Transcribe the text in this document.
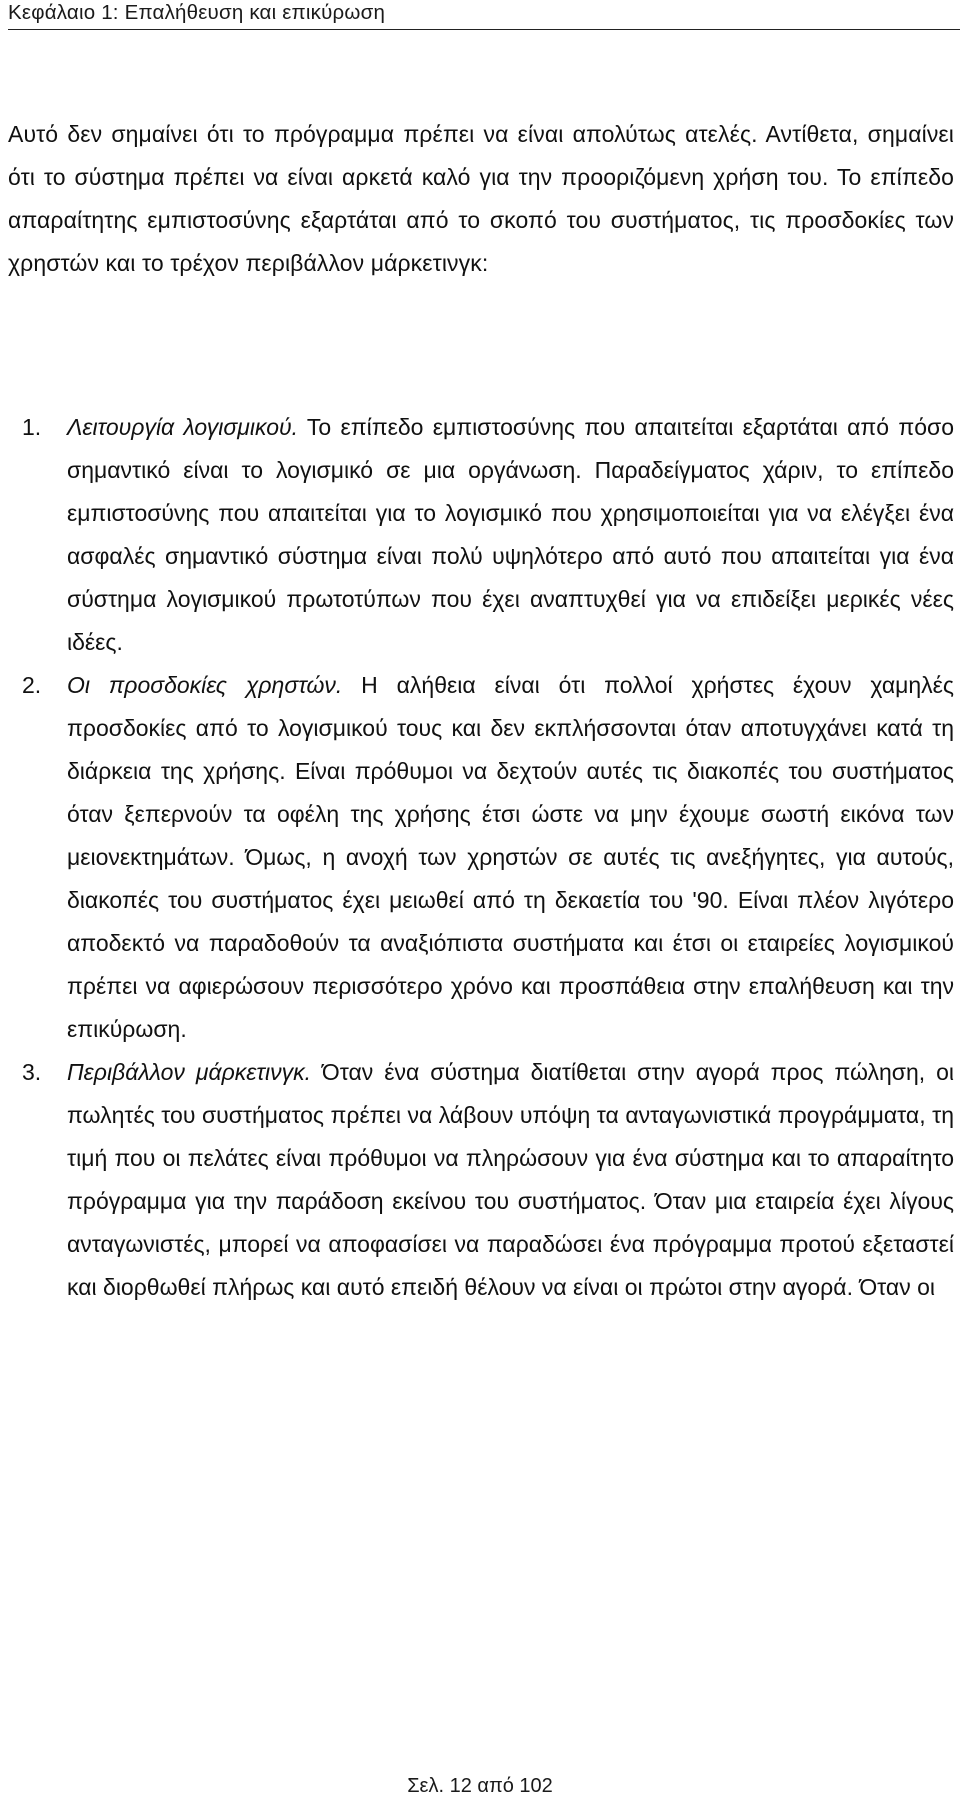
Κεφάλαιο 1: Επαλήθευση και επικύρωση

Αυτό δεν σημαίνει ότι το πρόγραμμα πρέπει να είναι απολύτως ατελές. Αντίθετα, σημαίνει ότι το σύστημα πρέπει να είναι αρκετά καλό για την προοριζόμενη χρήση του. Το επίπεδο απαραίτητης εμπιστοσύνης εξαρτάται από το σκοπό του συστήματος, τις προσδοκίες των χρηστών και το τρέχον περιβάλλον μάρκετινγκ:

1.	Λειτουργία λογισμικού. Το επίπεδο εμπιστοσύνης που απαιτείται εξαρτάται από πόσο σημαντικό είναι το λογισμικό σε μια οργάνωση. Παραδείγματος χάριν, το επίπεδο εμπιστοσύνης που απαιτείται για το λογισμικό που χρησιμοποιείται για να ελέγξει ένα ασφαλές σημαντικό σύστημα είναι πολύ υψηλότερο από αυτό που απαιτείται για ένα σύστημα λογισμικού πρωτοτύπων που έχει αναπτυχθεί για να επιδείξει μερικές νέες ιδέες.
2.	Οι προσδοκίες χρηστών. Η αλήθεια είναι ότι πολλοί χρήστες έχουν χαμηλές προσδοκίες από το λογισμικού τους και δεν εκπλήσσονται όταν αποτυγχάνει κατά τη διάρκεια της χρήσης. Είναι πρόθυμοι να δεχτούν αυτές τις διακοπές του συστήματος όταν ξεπερνούν τα οφέλη της χρήσης έτσι ώστε να μην έχουμε σωστή εικόνα των μειονεκτημάτων. Όμως, η ανοχή των χρηστών σε αυτές τις ανεξήγητες, για αυτούς, διακοπές του συστήματος έχει μειωθεί από τη δεκαετία του '90. Είναι πλέον λιγότερο αποδεκτό να παραδοθούν τα αναξιόπιστα συστήματα και έτσι οι εταιρείες λογισμικού πρέπει να αφιερώσουν περισσότερο χρόνο και προσπάθεια στην επαλήθευση και την επικύρωση.
3.	Περιβάλλον μάρκετινγκ. Όταν ένα σύστημα διατίθεται στην αγορά προς πώληση, οι πωλητές του συστήματος πρέπει να λάβουν υπόψη τα ανταγωνιστικά προγράμματα, τη τιμή που οι πελάτες είναι πρόθυμοι να πληρώσουν για ένα σύστημα και το απαραίτητο πρόγραμμα για την παράδοση εκείνου του συστήματος. Όταν μια εταιρεία έχει λίγους ανταγωνιστές, μπορεί να αποφασίσει να παραδώσει ένα πρόγραμμα προτού εξεταστεί και διορθωθεί πλήρως και αυτό επειδή θέλουν να είναι οι πρώτοι στην αγορά. Όταν οι
Σελ. 12 από 102
